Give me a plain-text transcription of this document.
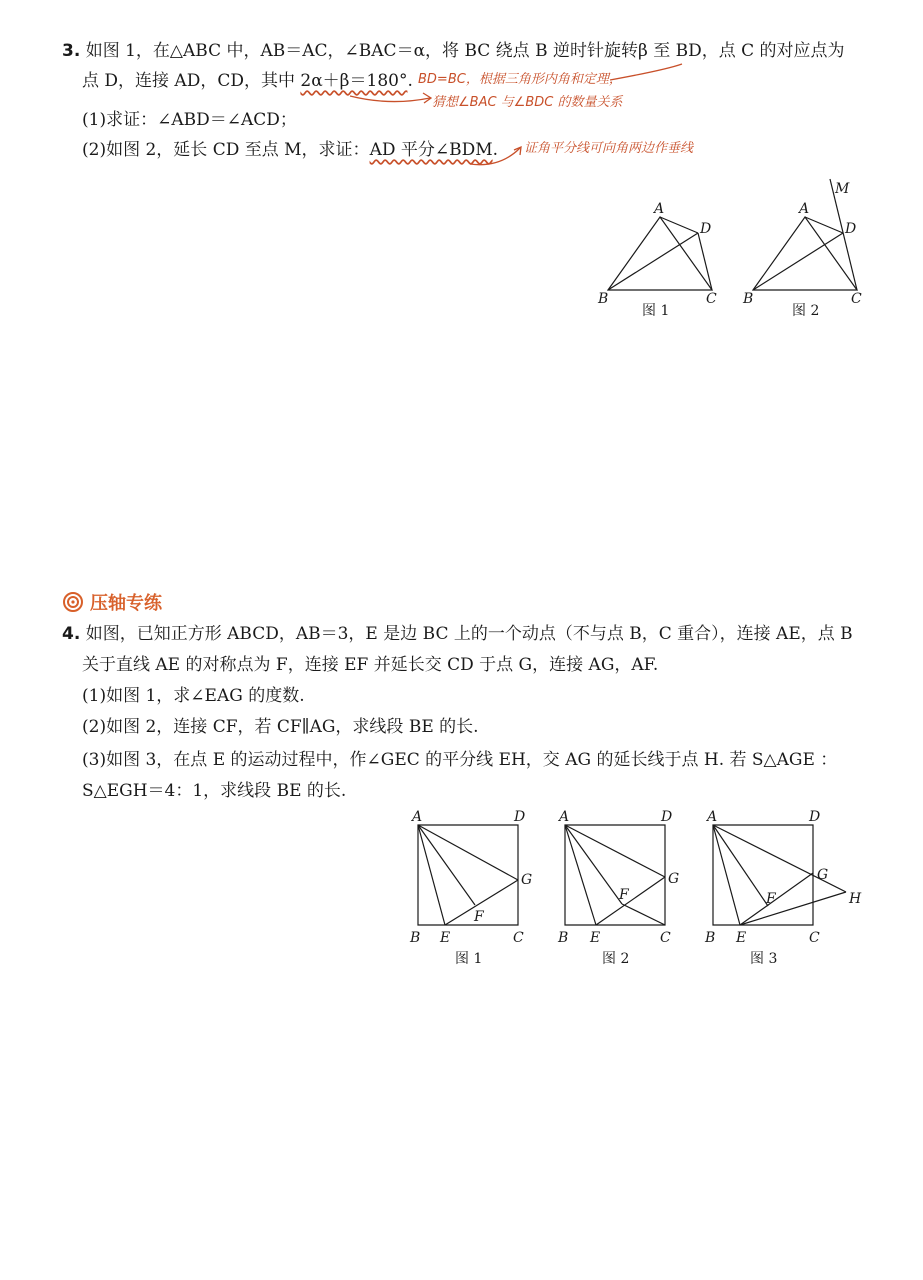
3. 如图 1，在△ABC 中，AB＝AC，∠BAC＝α，将 BC 绕点 B 逆时针旋转β 至 BD，点 C 的对应点为
点 D，连接 AD，CD，其中 2α＋β＝180°. BD=BC，根据三角形内角和定理，
猜想∠BAC 与∠BDC 的数量关系
(1)求证：∠ABD＝∠ACD；
(2)如图 2，延长 CD 至点 M，求证：AD 平分∠BDM. 证角平分线可向角两边作垂线
A
D
B	C
图 1
A
D
M
B	C
图 2
压轴专练
4. 如图，已知正方形 ABCD，AB＝3，E 是边 BC 上的一个动点（不与点 B，C 重合），连接 AE，点 B
关于直线 AE 的对称点为 F，连接 EF 并延长交 CD 于点 G，连接 AG，AF.
(1)如图 1，求∠EAG 的度数.
(2)如图 2，连接 CF，若 CF∥AG，求线段 BE 的长.
(3)如图 3，在点 E 的运动过程中，作∠GEC 的平分线 EH，交 AG 的延长线于点 H. 若 S△AGE ：
S△EGH＝4：1，求线段 BE 的长.
A	D
G
F
B E	C
图 1
A	D
G
F
B E	C
图 2
A	D
G
H
F
B E	C
图 3
